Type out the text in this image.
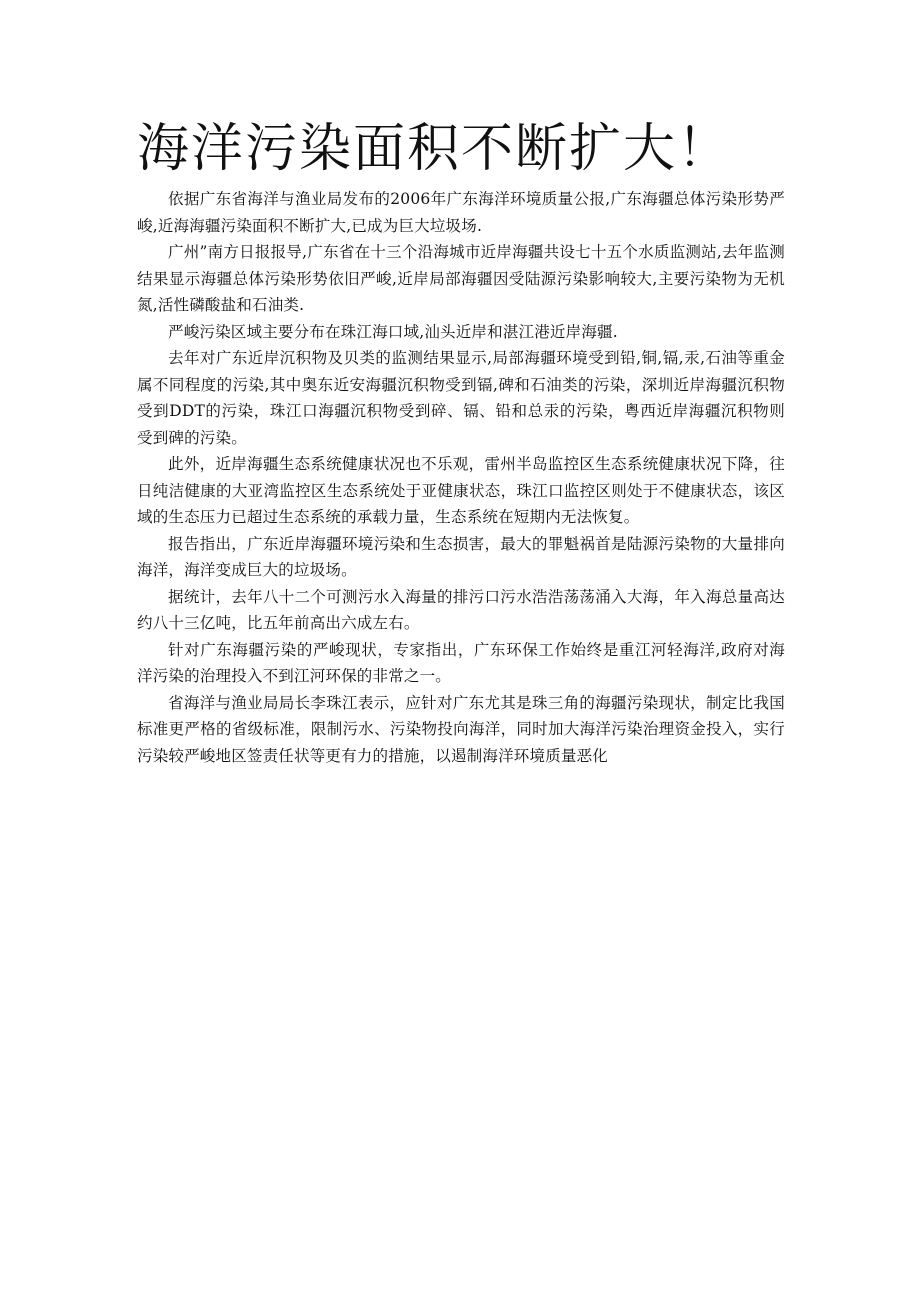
海洋污染面积不断扩大！

依据广东省海洋与渔业局发布的2006年广东海洋环境质量公报,广东海疆总体污染形势严峻,近海海疆污染面积不断扩大,已成为巨大垃圾场.

广州”南方日报报导,广东省在十三个沿海城市近岸海疆共设七十五个水质监测站,去年监测结果显示海疆总体污染形势依旧严峻,近岸局部海疆因受陆源污染影响较大,主要污染物为无机氮,活性磷酸盐和石油类.

严峻污染区域主要分布在珠江海口域,汕头近岸和湛江港近岸海疆.

去年对广东近岸沉积物及贝类的监测结果显示,局部海疆环境受到铅,铜,镉,汞,石油等重金属不同程度的污染,其中奥东近安海疆沉积物受到镉,碑和石油类的污染，深圳近岸海疆沉积物受到DDT的污染，珠江口海疆沉积物受到碎、镉、铅和总汞的污染，粤西近岸海疆沉积物则受到碑的污染。

此外，近岸海疆生态系统健康状况也不乐观，雷州半岛监控区生态系统健康状况下降，往日纯洁健康的大亚湾监控区生态系统处于亚健康状态，珠江口监控区则处于不健康状态，该区域的生态压力已超过生态系统的承载力量，生态系统在短期内无法恢复。

报告指出，广东近岸海疆环境污染和生态损害，最大的罪魁祸首是陆源污染物的大量排向海洋，海洋变成巨大的垃圾场。

据统计，去年八十二个可测污水入海量的排污口污水浩浩荡荡涌入大海，年入海总量高达约八十三亿吨，比五年前高出六成左右。

针对广东海疆污染的严峻现状，专家指出，广东环保工作始终是重江河轻海洋,政府对海洋污染的治理投入不到江河环保的非常之一。

省海洋与渔业局局长李珠江表示，应针对广东尤其是珠三角的海疆污染现状，制定比我国标准更严格的省级标准，限制污水、污染物投向海洋，同时加大海洋污染治理资金投入，实行污染较严峻地区签责任状等更有力的措施，以遏制海洋环境质量恶化
